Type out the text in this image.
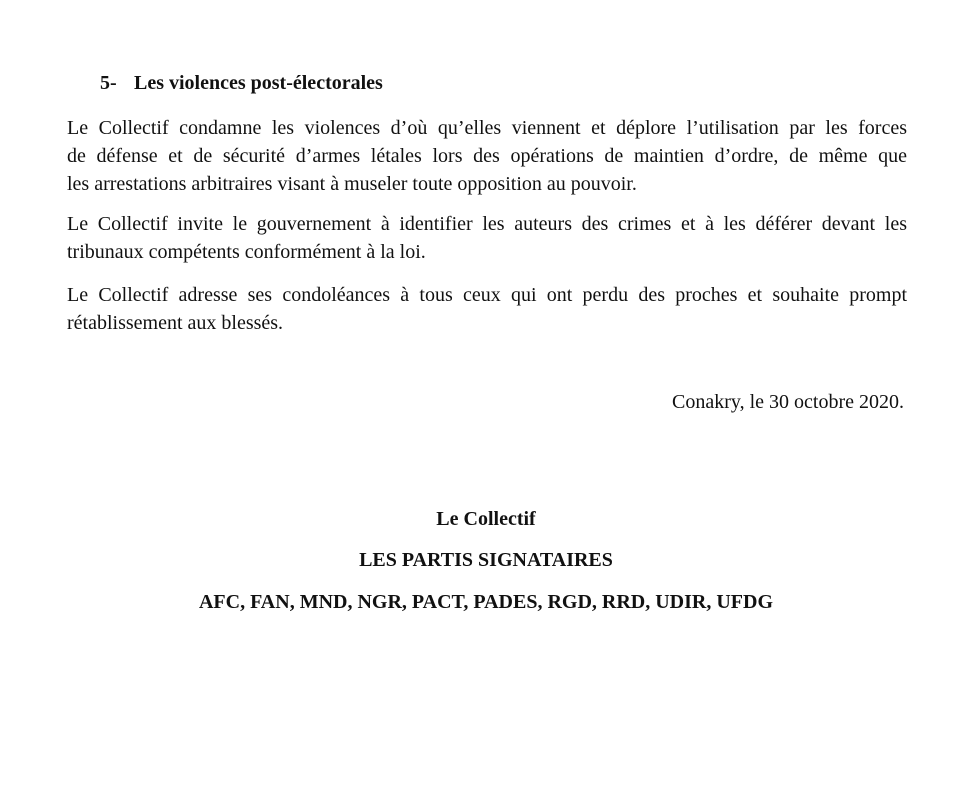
5- Les violences post-électorales
Le Collectif condamne les violences d’où qu’elles viennent et déplore l’utilisation par les forces
de défense et de sécurité d’armes létales lors des opérations de maintien d’ordre, de même que
les arrestations arbitraires visant à museler toute opposition au pouvoir.
Le Collectif invite le gouvernement à identifier les auteurs des crimes et à les déférer devant les
tribunaux compétents conformément à la loi.
Le Collectif adresse ses condoléances à tous ceux qui ont perdu des proches et souhaite prompt
rétablissement aux blessés.
Conakry, le 30 octobre 2020.
Le Collectif
LES PARTIS SIGNATAIRES
AFC, FAN, MND, NGR, PACT, PADES, RGD, RRD, UDIR, UFDG
